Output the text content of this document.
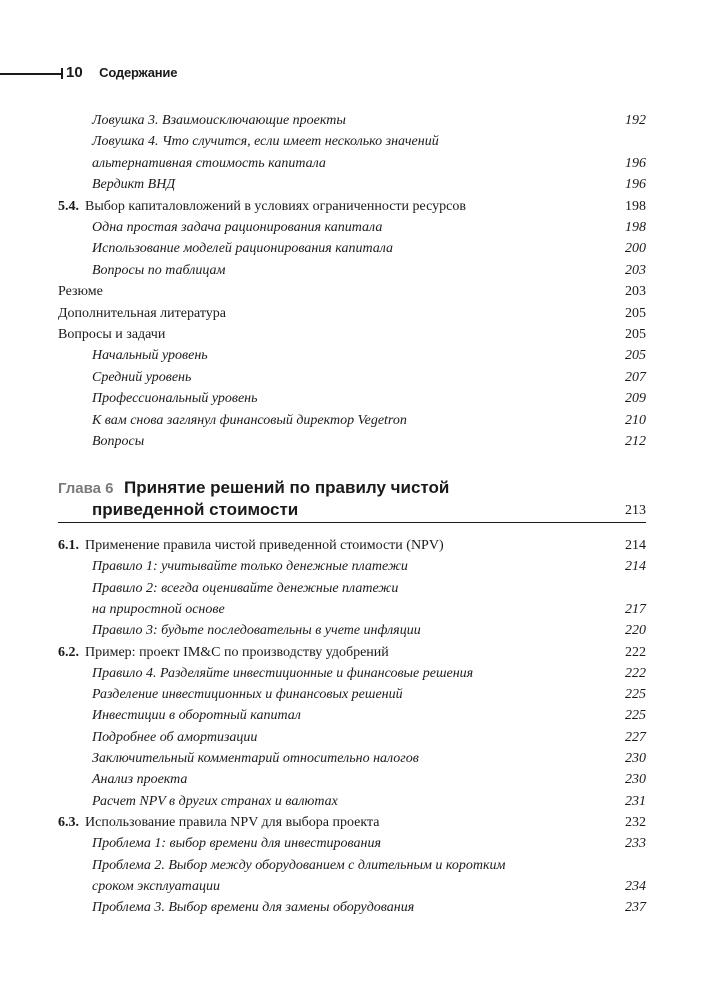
10 Содержание
Ловушка 3. Взаимоисключающие проекты	192
Ловушка 4. Что случится, если имеет несколько значений
альтернативная стоимость капитала	196
Вердикт ВНД	196
5.4. Выбор капиталовложений в условиях ограниченности ресурсов	198
Одна простая задача рационирования капитала	198
Использование моделей рационирования капитала	200
Вопросы по таблицам	203
Резюме	203
Дополнительная литература	205
Вопросы и задачи	205
Начальный уровень	205
Средний уровень	207
Профессиональный уровень	209
К вам снова заглянул финансовый директор Vegetron	210
Вопросы	212
Глава 6 Принятие решений по правилу чистой
приведенной стоимости	213
6.1. Применение правила чистой приведенной стоимости (NPV)	214
Правило 1: учитывайте только денежные платежи	214
Правило 2: всегда оценивайте денежные платежи
на приростной основе	217
Правило 3: будьте последовательны в учете инфляции	220
6.2. Пример: проект IM&C по производству удобрений	222
Правило 4. Разделяйте инвестиционные и финансовые решения	222
Разделение инвестиционных и финансовых решений	225
Инвестиции в оборотный капитал	225
Подробнее об амортизации	227
Заключительный комментарий относительно налогов	230
Анализ проекта	230
Расчет NPV в других странах и валютах	231
6.3. Использование правила NPV для выбора проекта	232
Проблема 1: выбор времени для инвестирования	233
Проблема 2. Выбор между оборудованием с длительным и коротким
сроком эксплуатации	234
Проблема 3. Выбор времени для замены оборудования	237
